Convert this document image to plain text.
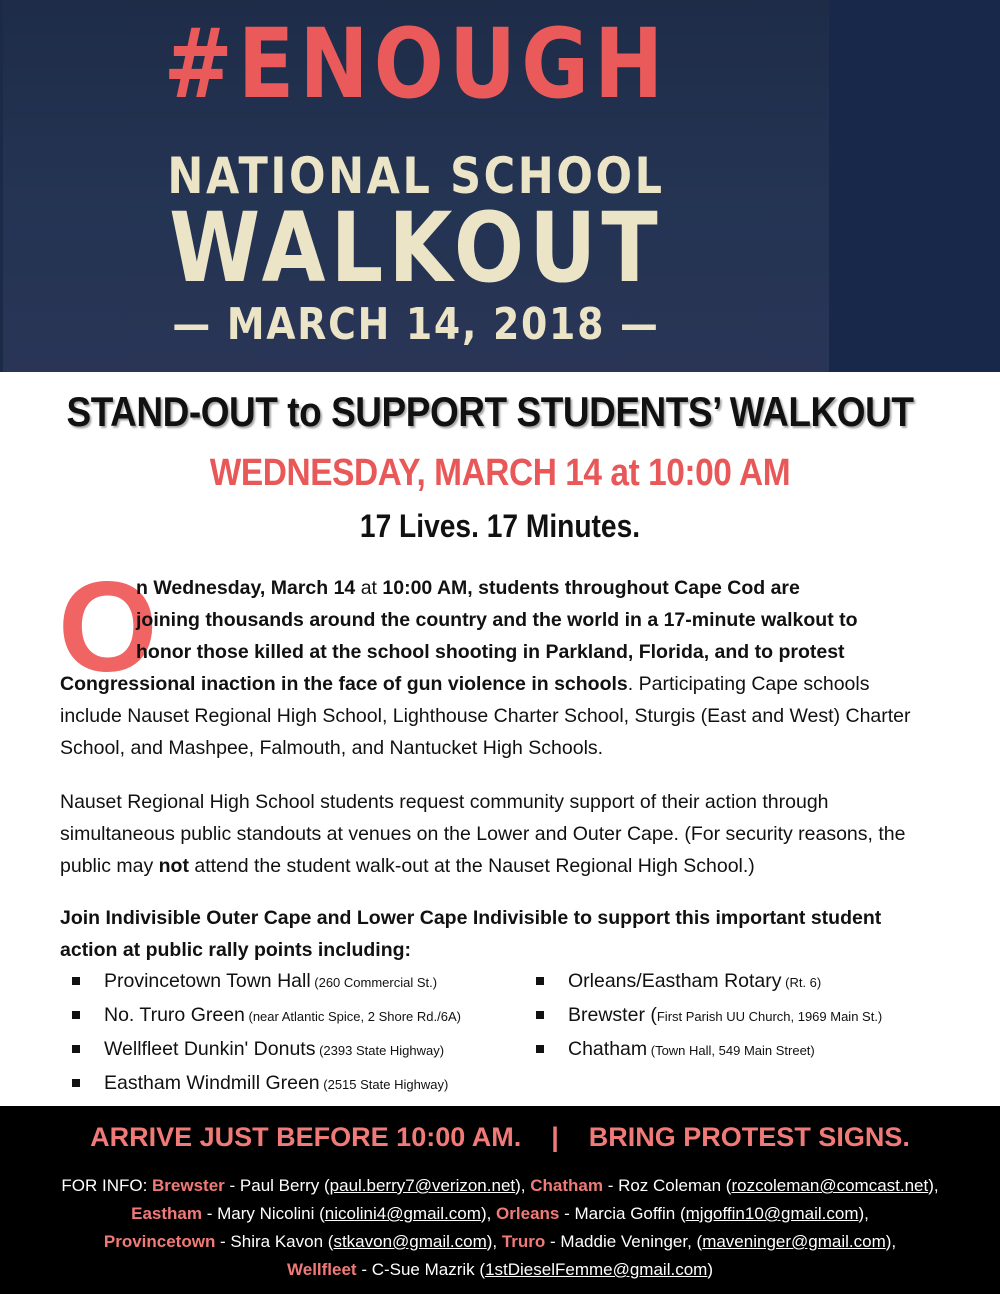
#ENOUGH
NATIONAL SCHOOL
WALKOUT
— MARCH 14, 2018 —
STAND-OUT to SUPPORT STUDENTS’ WALKOUT
WEDNESDAY, MARCH 14 at 10:00 AM
17 Lives. 17 Minutes.
O
n Wednesday, March 14 at 10:00 AM, students throughout Cape Cod are
joining thousands around the country and the world in a 17-minute walkout to
honor those killed at the school shooting in Parkland, Florida, and to protest
Congressional inaction in the face of gun violence in schools. Participating Cape schools
include Nauset Regional High School, Lighthouse Charter School, Sturgis (East and West) Charter
School, and Mashpee, Falmouth, and Nantucket High Schools.
Nauset Regional High School students request community support of their action through
simultaneous public standouts at venues on the Lower and Outer Cape. (For security reasons, the
public may not attend the student walk-out at the Nauset Regional High School.)
Join Indivisible Outer Cape and Lower Cape Indivisible to support this important student
action at public rally points including:
Provincetown Town Hall (260 Commercial St.)
No. Truro Green (near Atlantic Spice, 2 Shore Rd./6A)
Wellfleet Dunkin' Donuts (2393 State Highway)
Eastham Windmill Green (2515 State Highway)
Orleans/Eastham Rotary (Rt. 6)
Brewster (First Parish UU Church, 1969 Main St.)
Chatham (Town Hall, 549 Main Street)
ARRIVE JUST BEFORE 10:00 AM. | BRING PROTEST SIGNS.
FOR INFO: Brewster - Paul Berry (paul.berry7@verizon.net), Chatham - Roz Coleman (rozcoleman@comcast.net),
Eastham - Mary Nicolini (nicolini4@gmail.com), Orleans - Marcia Goffin (mjgoffin10@gmail.com),
Provincetown - Shira Kavon (stkavon@gmail.com), Truro - Maddie Veninger, (maveninger@gmail.com),
Wellfleet - C-Sue Mazrik (1stDieselFemme@gmail.com)
